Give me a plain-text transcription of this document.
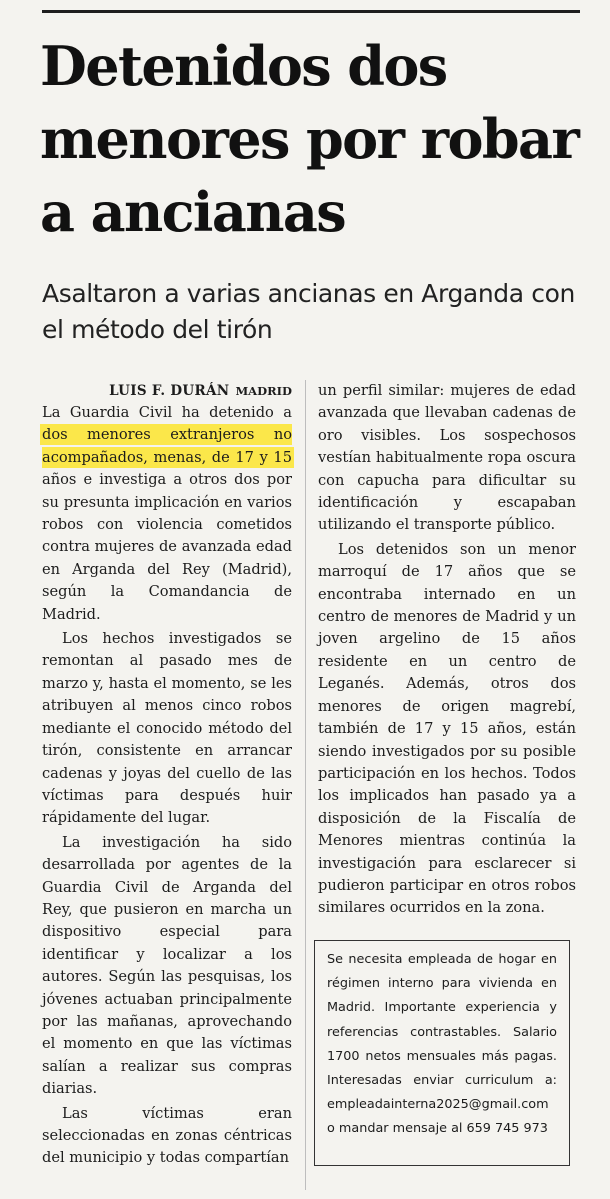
Detenidos dos menores por robar a ancianas
Asaltaron a varias ancianas en Arganda con el método del tirón
LUIS F. DURÁN MADRID

La Guardia Civil ha detenido a dos menores extranjeros no acompañados, menas, de 17 y 15 años e investiga a otros dos por su presunta implicación en varios robos con violencia cometidos contra mujeres de avanzada edad en Arganda del Rey (Madrid), según la Comandancia de Madrid.

Los hechos investigados se remontan al pasado mes de marzo y, hasta el momento, se les atribuyen al menos cinco robos mediante el conocido método del tirón, consistente en arrancar cadenas y joyas del cuello de las víctimas para después huir rápidamente del lugar.

La investigación ha sido desarrollada por agentes de la Guardia Civil de Arganda del Rey, que pusieron en marcha un dispositivo especial para identificar y localizar a los autores. Según las pesquisas, los jóvenes actuaban principalmente por las mañanas, aprovechando el momento en que las víctimas salían a realizar sus compras diarias.

Las víctimas eran seleccionadas en zonas céntricas del municipio y todas compartían

un perfil similar: mujeres de edad avanzada que llevaban cadenas de oro visibles. Los sospechosos vestían habitualmente ropa oscura con capucha para dificultar su identificación y escapaban utilizando el transporte público.

Los detenidos son un menor marroquí de 17 años que se encontraba internado en un centro de menores de Madrid y un joven argelino de 15 años residente en un centro de Leganés. Además, otros dos menores de origen magrebí, también de 17 y 15 años, están siendo investigados por su posible participación en los hechos. Todos los implicados han pasado ya a disposición de la Fiscalía de Menores mientras continúa la investigación para esclarecer si pudieron participar en otros robos similares ocurridos en la zona.

Se necesita empleada de hogar en régimen interno para vivienda en Madrid. Importante experiencia y referencias contrastables. Salario 1700 netos mensuales más pagas. Interesadas enviar curriculum a: empleadainterna2025@gmail.com o mandar mensaje al 659 745 973
